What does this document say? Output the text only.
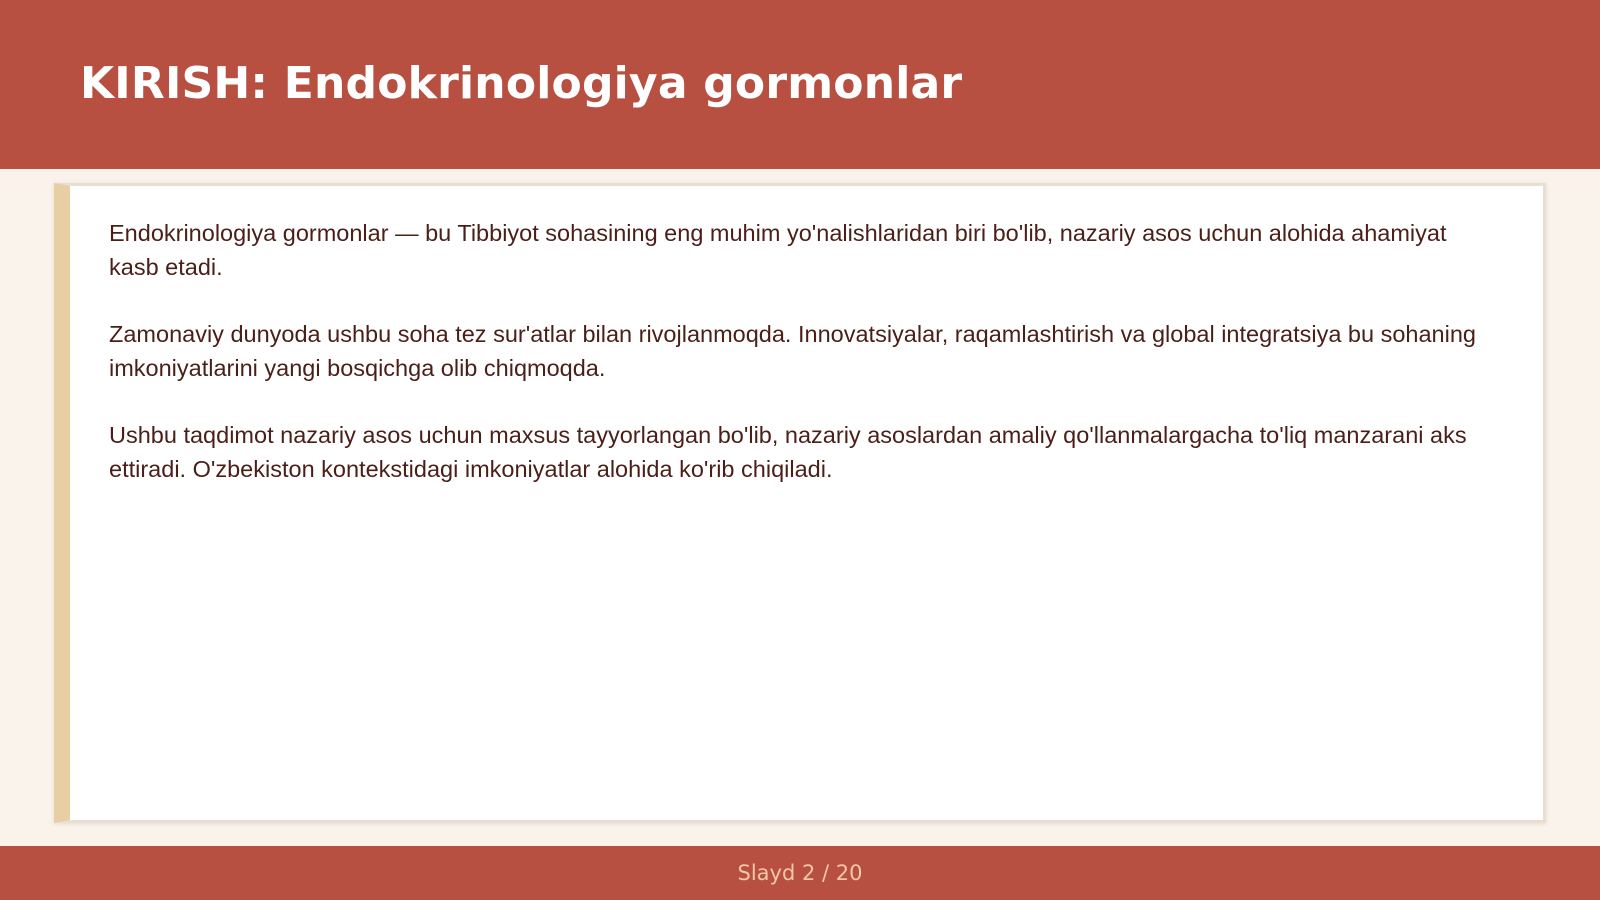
KIRISH: Endokrinologiya gormonlar

Endokrinologiya gormonlar — bu Tibbiyot sohasining eng muhim yo'nalishlaridan biri bo'lib, nazariy asos uchun alohida ahamiyat kasb etadi.

Zamonaviy dunyoda ushbu soha tez sur'atlar bilan rivojlanmoqda. Innovatsiyalar, raqamlashtirish va global integratsiya bu sohaning imkoniyatlarini yangi bosqichga olib chiqmoqda.

Ushbu taqdimot nazariy asos uchun maxsus tayyorlangan bo'lib, nazariy asoslardan amaliy qo'llanmalargacha to'liq manzarani aks ettiradi. O'zbekiston kontekstidagi imkoniyatlar alohida ko'rib chiqiladi.

Slayd 2 / 20
